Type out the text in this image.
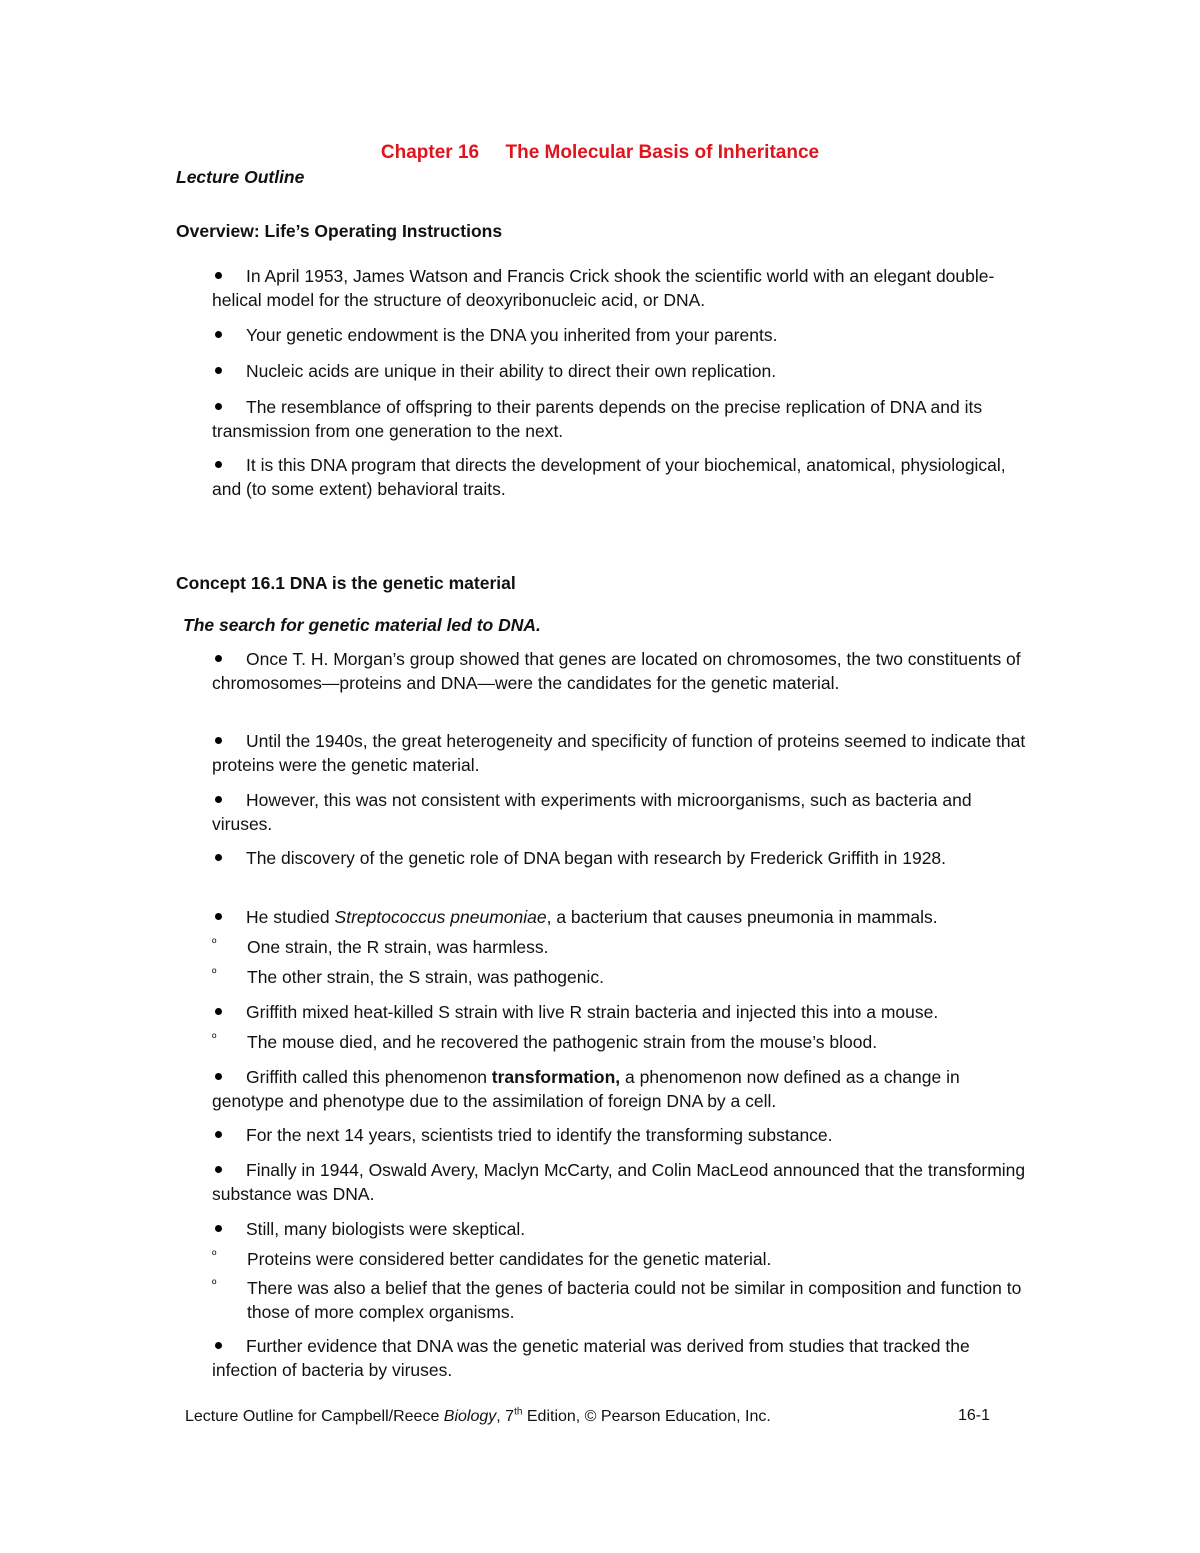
Chapter 16 The Molecular Basis of Inheritance
Lecture Outline
Overview: Life’s Operating Instructions
In April 1953, James Watson and Francis Crick shook the scientific world with an elegant double-helical model for the structure of deoxyribonucleic acid, or DNA.
Your genetic endowment is the DNA you inherited from your parents.
Nucleic acids are unique in their ability to direct their own replication.
The resemblance of offspring to their parents depends on the precise replication of DNA and its transmission from one generation to the next.
It is this DNA program that directs the development of your biochemical, anatomical, physiological, and (to some extent) behavioral traits.
Concept 16.1 DNA is the genetic material
The search for genetic material led to DNA.
Once T. H. Morgan’s group showed that genes are located on chromosomes, the two constituents of chromosomes—proteins and DNA—were the candidates for the genetic material.
Until the 1940s, the great heterogeneity and specificity of function of proteins seemed to indicate that proteins were the genetic material.
However, this was not consistent with experiments with microorganisms, such as bacteria and viruses.
The discovery of the genetic role of DNA began with research by Frederick Griffith in 1928.
He studied Streptococcus pneumoniae, a bacterium that causes pneumonia in mammals.
º One strain, the R strain, was harmless.
º The other strain, the S strain, was pathogenic.
Griffith mixed heat-killed S strain with live R strain bacteria and injected this into a mouse.
º The mouse died, and he recovered the pathogenic strain from the mouse’s blood.
Griffith called this phenomenon transformation, a phenomenon now defined as a change in genotype and phenotype due to the assimilation of foreign DNA by a cell.
For the next 14 years, scientists tried to identify the transforming substance.
Finally in 1944, Oswald Avery, Maclyn McCarty, and Colin MacLeod announced that the transforming substance was DNA.
Still, many biologists were skeptical.
º Proteins were considered better candidates for the genetic material.
º There was also a belief that the genes of bacteria could not be similar in composition and function to those of more complex organisms.
Further evidence that DNA was the genetic material was derived from studies that tracked the infection of bacteria by viruses.
Lecture Outline for Campbell/Reece Biology, 7th Edition, © Pearson Education, Inc.	16-1
